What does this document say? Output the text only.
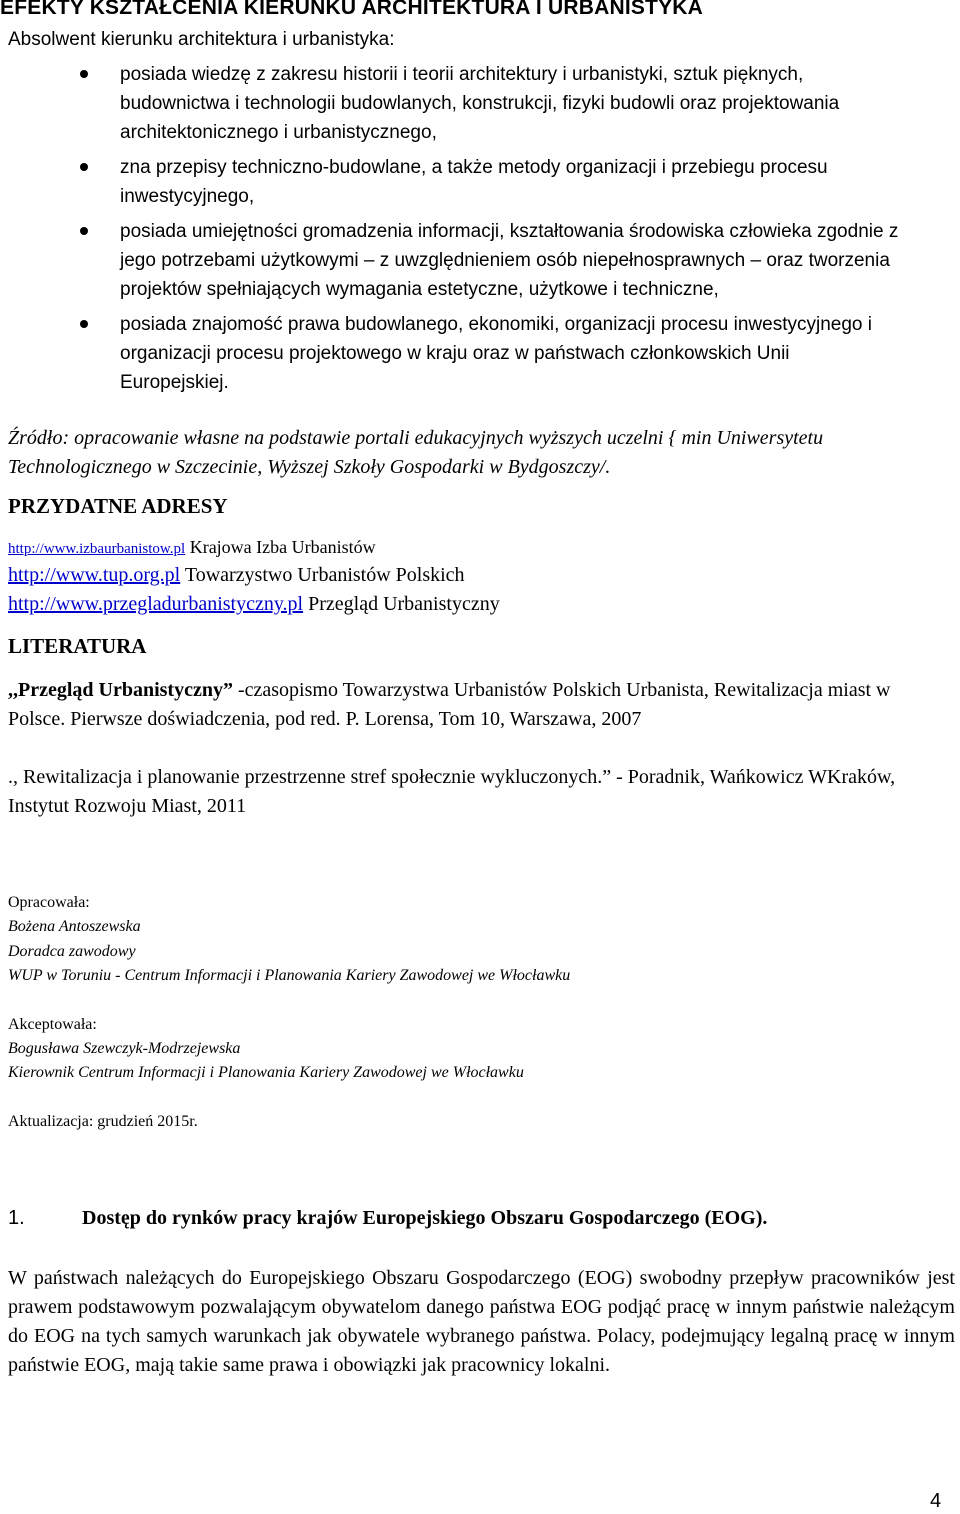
EFEKTY KSZTAŁCENIA KIERUNKU ARCHITEKTURA I URBANISTYKA
Absolwent kierunku architektura i urbanistyka:
posiada wiedzę z zakresu historii i teorii architektury i urbanistyki, sztuk pięknych, budownictwa i technologii budowlanych, konstrukcji, fizyki budowli oraz projektowania architektonicznego i urbanistycznego,
zna przepisy techniczno-budowlane, a także metody organizacji i przebiegu procesu inwestycyjnego,
posiada umiejętności gromadzenia informacji, kształtowania środowiska człowieka zgodnie z jego potrzebami użytkowymi – z uwzględnieniem osób niepełnosprawnych – oraz tworzenia projektów spełniających wymagania estetyczne, użytkowe i techniczne,
posiada znajomość prawa budowlanego, ekonomiki, organizacji procesu inwestycyjnego i organizacji procesu projektowego w kraju oraz w państwach członkowskich Unii Europejskiej.
Źródło: opracowanie własne na podstawie portali edukacyjnych wyższych uczelni { min Uniwersytetu Technologicznego w Szczecinie, Wyższej Szkoły Gospodarki w Bydgoszczy/.
PRZYDATNE ADRESY
http://www.izbaurbanistow.pl Krajowa Izba Urbanistów
http://www.tup.org.pl Towarzystwo Urbanistów Polskich
http://www.przegladurbanistyczny.pl Przegląd Urbanistyczny
LITERATURA
,,Przegląd Urbanistyczny” -czasopismo Towarzystwa Urbanistów Polskich Urbanista, Rewitalizacja miast w Polsce. Pierwsze doświadczenia, pod red. P. Lorensa, Tom 10, Warszawa, 2007
., Rewitalizacja i planowanie przestrzenne stref społecznie wykluczonych.” - Poradnik, Wańkowicz WKraków, Instytut Rozwoju Miast, 2011
Opracowała:
Bożena Antoszewska
Doradca zawodowy
WUP w Toruniu - Centrum Informacji i Planowania Kariery Zawodowej we Włocławku
Akceptowała:
Bogusława Szewczyk-Modrzejewska
Kierownik Centrum Informacji i Planowania Kariery Zawodowej we Włocławku
Aktualizacja: grudzień 2015r.
1.	Dostęp do rynków pracy krajów Europejskiego Obszaru Gospodarczego (EOG).
W państwach należących do Europejskiego Obszaru Gospodarczego (EOG) swobodny przepływ pracowników jest prawem podstawowym pozwalającym obywatelom danego państwa EOG podjąć pracę w innym państwie należącym do EOG na tych samych warunkach jak obywatele wybranego państwa. Polacy, podejmujący legalną pracę w innym państwie EOG, mają takie same prawa i obowiązki jak pracownicy lokalni.
4
